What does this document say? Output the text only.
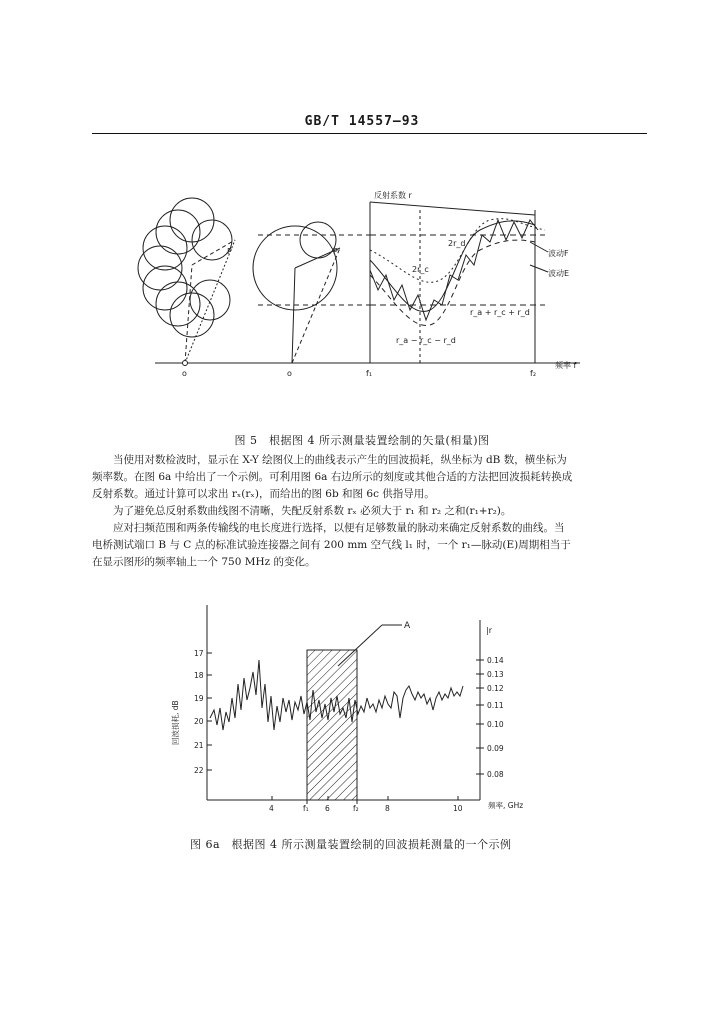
GB/T 14557—93
反射系数 r
频率 f
f₁	f₂
o
o
P	P	波动F
波动E
2r_d
2r_c
r_a + r_c + r_d
r_a − r_c − r_d
图 5　根据图 4 所示测量装置绘制的矢量(相量)图

当使用对数检波时，显示在 X-Y 绘图仪上的曲线表示产生的回波损耗，纵坐标为 dB 数，横坐标为

频率数。在图 6a 中给出了一个示例。可利用图 6a 右边所示的刻度或其他合适的方法把回波损耗转换成

反射系数。通过计算可以求出 rₓ(rₓ)，而给出的图 6b 和图 6c 供指导用。

为了避免总反射系数曲线图不清晰，失配反射系数 rₓ 必须大于 r₁ 和 r₂ 之和(r₁+r₂)。

应对扫频范围和两条传输线的电长度进行选择，以便有足够数量的脉动来确定反射系数的曲线。当

电桥测试端口 B 与 C 点的标准试验连接器之间有 200 mm 空气线 l₁ 时，一个 r₁—脉动(E)周期相当于

在显示图形的频率轴上一个 750 MHz 的变化。

回波损耗, dB
频率, GHz
A	|r
17
18
19
20
21
22
0.14
0.13
0.12
0.11
0.10
0.09
0.08
4	f₁ 6	f₂	8	10
图 6a　根据图 4 所示测量装置绘制的回波损耗测量的一个示例
